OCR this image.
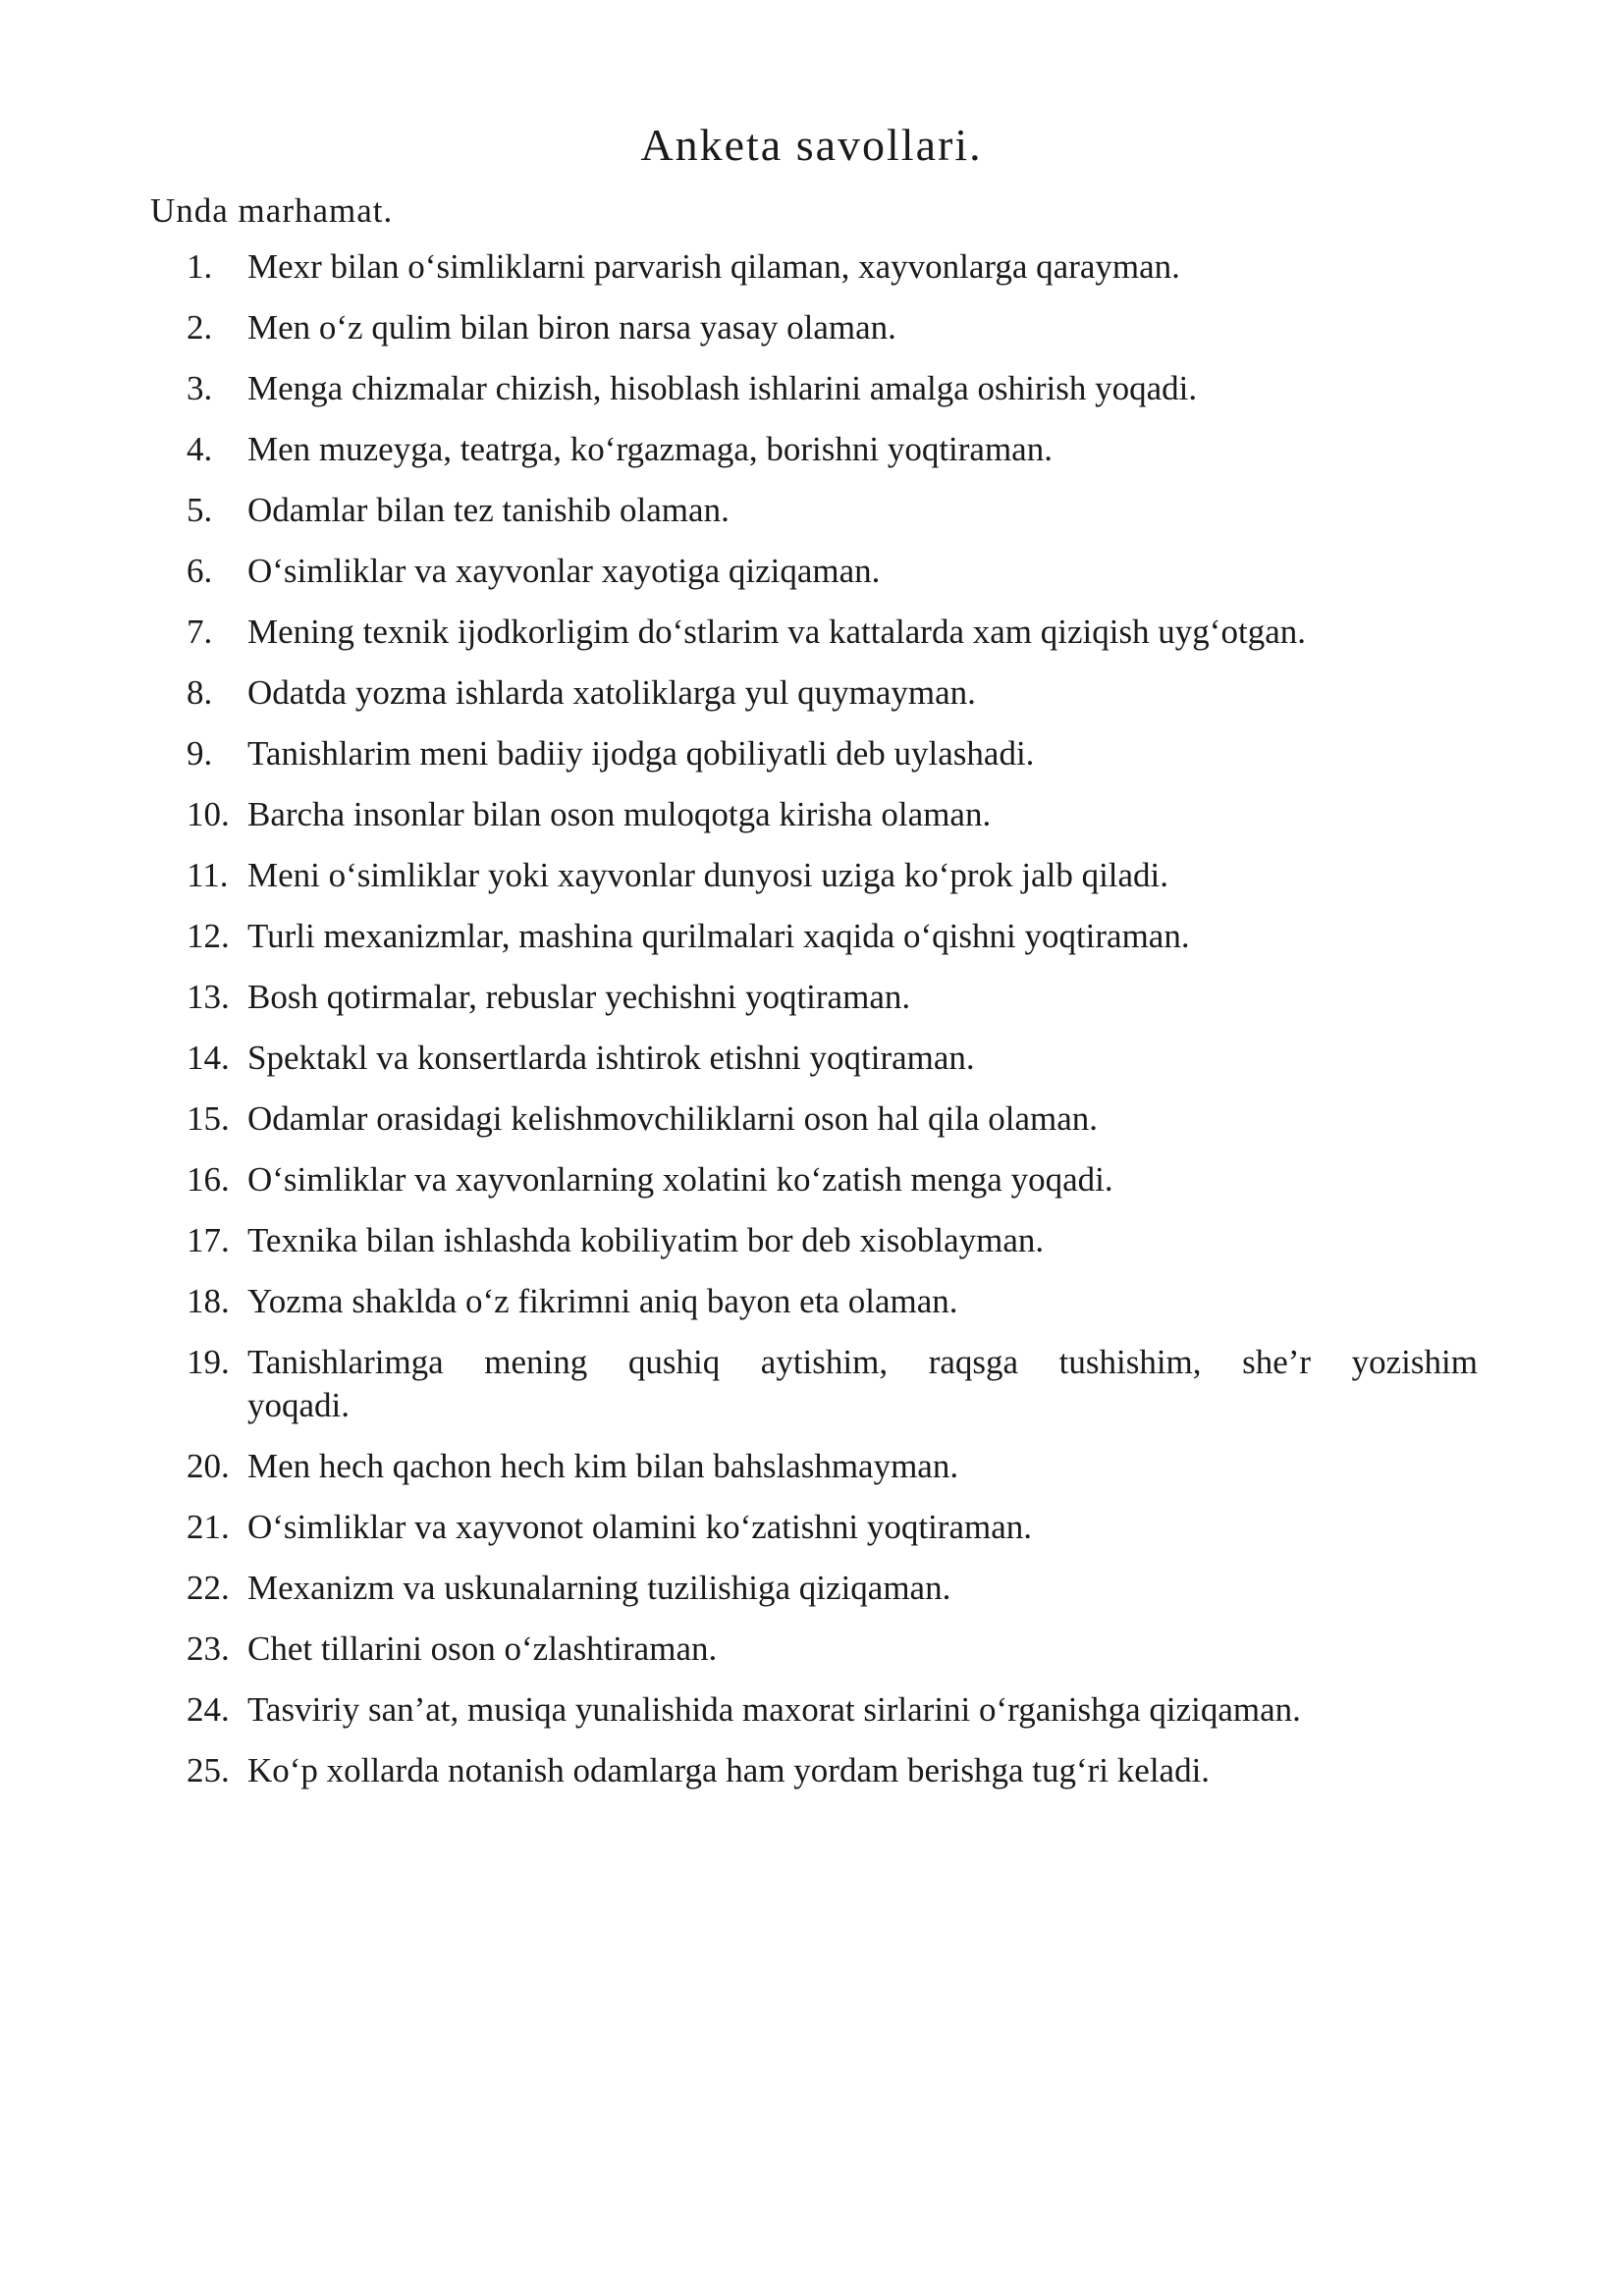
Anketa savollari.
Unda marhamat.
1.	Mexr bilan o‘simliklarni parvarish qilaman, xayvonlarga qarayman.
2.	Men o‘z qulim bilan biron narsa yasay olaman.
3.	Menga chizmalar chizish, hisoblash ishlarini amalga oshirish yoqadi.
4.	Men muzeyga, teatrga, ko‘rgazmaga, borishni yoqtiraman.
5.	Odamlar bilan tez tanishib olaman.
6.	O‘simliklar va xayvonlar xayotiga qiziqaman.
7.	Mening texnik ijodkorligim do‘stlarim va kattalarda xam qiziqish uyg‘otgan.
8.	Odatda yozma ishlarda xatoliklarga yul quymayman.
9.	Tanishlarim meni badiiy ijodga qobiliyatli deb uylashadi.
10. Barcha insonlar bilan oson muloqotga kirisha olaman.
11. Meni o‘simliklar yoki xayvonlar dunyosi uziga ko‘prok jalb qiladi.
12. Turli mexanizmlar, mashina qurilmalari xaqida o‘qishni yoqtiraman.
13. Bosh qotirmalar, rebuslar yechishni yoqtiraman.
14. Spektakl va konsertlarda ishtirok etishni yoqtiraman.
15. Odamlar orasidagi kelishmovchiliklarni oson hal qila olaman.
16. O‘simliklar va xayvonlarning xolatini ko‘zatish menga yoqadi.
17. Texnika bilan ishlashda kobiliyatim bor deb xisoblayman.
18. Yozma shaklda o‘z fikrimni aniq bayon eta olaman.
19. Tanishlarimga mening qushiq aytishim, raqsga tushishim, she’r yozishim
yoqadi.
20. Men hech qachon hech kim bilan bahslashmayman.
21. O‘simliklar va xayvonot olamini ko‘zatishni yoqtiraman.
22. Mexanizm va uskunalarning tuzilishiga qiziqaman.
23. Chet tillarini oson o‘zlashtiraman.
24. Tasviriy san’at, musiqa yunalishida maxorat sirlarini o‘rganishga qiziqaman.
25. Ko‘p xollarda notanish odamlarga ham yordam berishga tug‘ri keladi.
